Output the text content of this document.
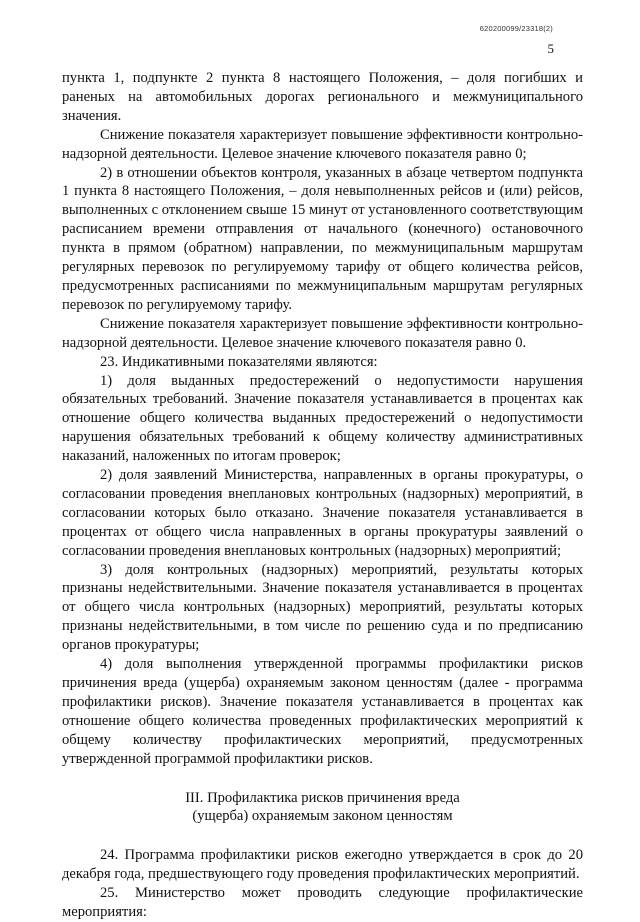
620200099/23318(2)
5

пункта 1, подпункте 2 пункта 8 настоящего Положения, – доля погибших и раненых на автомобильных дорогах регионального и межмуниципального значения.

Снижение показателя характеризует повышение эффективности контрольно-надзорной деятельности. Целевое значение ключевого показателя равно 0;

2) в отношении объектов контроля, указанных в абзаце четвертом подпункта 1 пункта 8 настоящего Положения, – доля невыполненных рейсов и (или) рейсов, выполненных с отклонением свыше 15 минут от установленного соответствующим расписанием времени отправления от начального (конечного) остановочного пункта в прямом (обратном) направлении, по межмуниципальным маршрутам регулярных перевозок по регулируемому тарифу от общего количества рейсов, предусмотренных расписаниями по межмуниципальным маршрутам регулярных перевозок по регулируемому тарифу.

Снижение показателя характеризует повышение эффективности контрольно-надзорной деятельности. Целевое значение ключевого показателя равно 0.

23. Индикативными показателями являются:

1) доля выданных предостережений о недопустимости нарушения обязательных требований. Значение показателя устанавливается в процентах как отношение общего количества выданных предостережений о недопустимости нарушения обязательных требований к общему количеству административных наказаний, наложенных по итогам проверок;

2) доля заявлений Министерства, направленных в органы прокуратуры, о согласовании проведения внеплановых контрольных (надзорных) мероприятий, в согласовании которых было отказано. Значение показателя устанавливается в процентах от общего числа направленных в органы прокуратуры заявлений о согласовании проведения внеплановых контрольных (надзорных) мероприятий;

3) доля контрольных (надзорных) мероприятий, результаты которых признаны недействительными. Значение показателя устанавливается в процентах от общего числа контрольных (надзорных) мероприятий, результаты которых признаны недействительными, в том числе по решению суда и по предписанию органов прокуратуры;

4) доля выполнения утвержденной программы профилактики рисков причинения вреда (ущерба) охраняемым законом ценностям (далее - программа профилактики рисков). Значение показателя устанавливается в процентах как отношение общего количества проведенных профилактических мероприятий к общему количеству профилактических мероприятий, предусмотренных утвержденной программой профилактики рисков.

III. Профилактика рисков причинения вреда
(ущерба) охраняемым законом ценностям

24. Программа профилактики рисков ежегодно утверждается в срок до 20 декабря года, предшествующего году проведения профилактических мероприятий.

25. Министерство может проводить следующие профилактические мероприятия:
